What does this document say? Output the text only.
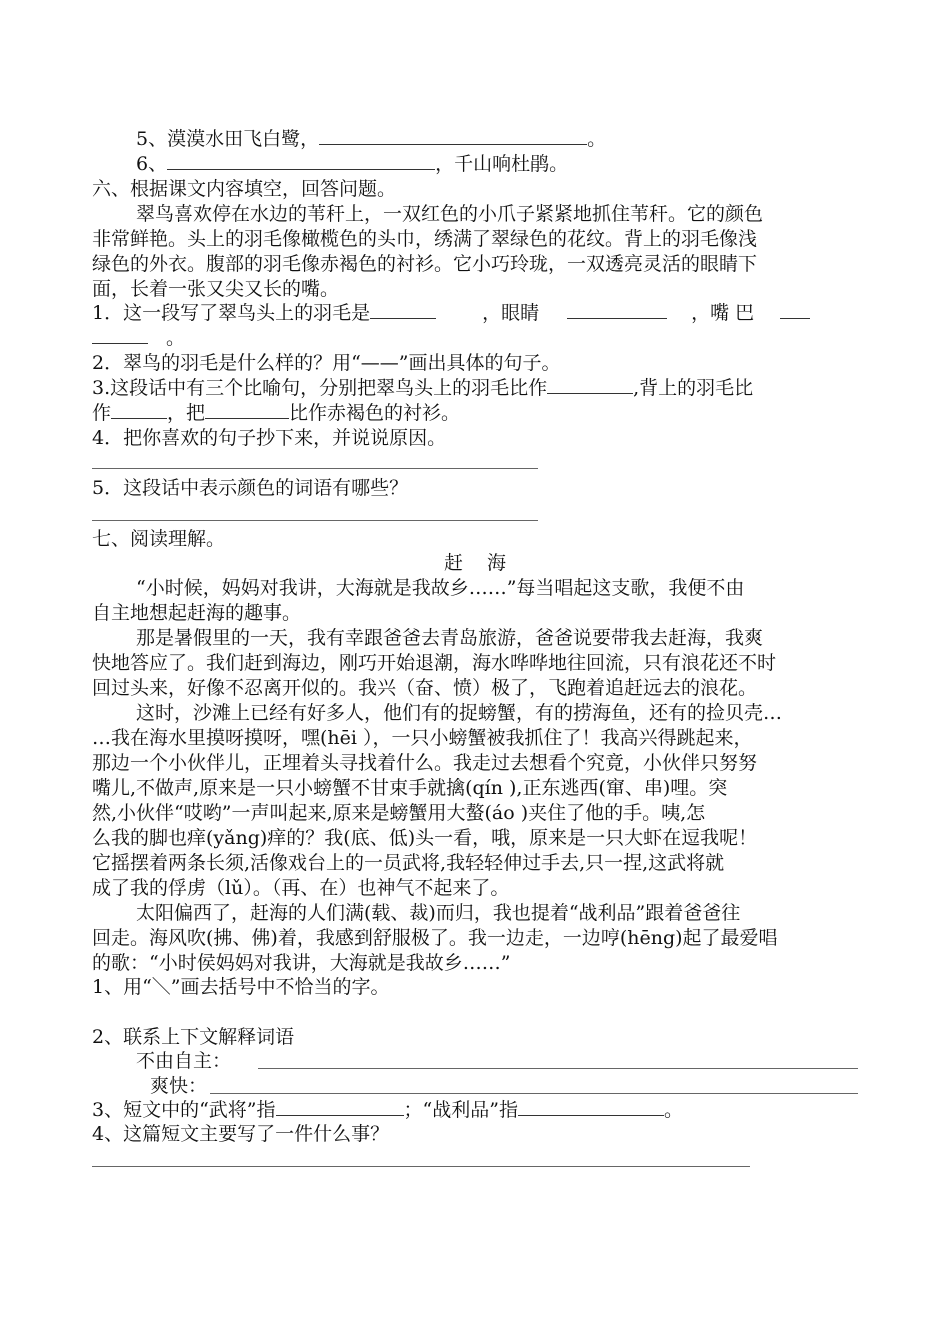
5、漠漠水田飞白鹭，	。
6、	，千山响杜鹃。
六、根据课文内容填空，回答问题。
翠鸟喜欢停在水边的苇秆上，一双红色的小爪子紧紧地抓住苇秆。它的颜色
非常鲜艳。头上的羽毛像橄榄色的头巾，绣满了翠绿色的花纹。背上的羽毛像浅
绿色的外衣。腹部的羽毛像赤褐色的衬衫。它小巧玲珑，一双透亮灵活的眼睛下
面，长着一张又尖又长的嘴。
1．这一段写了翠鸟头上的羽毛是	，眼睛	，嘴 巴
。
2．翠鸟的羽毛是什么样的？用“——”画出具体的句子。
3.这段话中有三个比喻句，分别把翠鸟头上的羽毛比作	,背上的羽毛比
作	，把	比作赤褐色的衬衫。
4．把你喜欢的句子抄下来，并说说原因。
5．这段话中表示颜色的词语有哪些？
七、阅读理解。
赶海
“小时候，妈妈对我讲，大海就是我故乡……”每当唱起这支歌，我便不由
自主地想起赶海的趣事。
那是暑假里的一天，我有幸跟爸爸去青岛旅游，爸爸说要带我去赶海，我爽
快地答应了。我们赶到海边，刚巧开始退潮，海水哗哗地往回流，只有浪花还不时
回过头来，好像不忍离开似的。我兴（奋、愤）极了，飞跑着追赶远去的浪花。
这时，沙滩上已经有好多人，他们有的捉螃蟹，有的捞海鱼，还有的捡贝壳…
…我在海水里摸呀摸呀，嘿(hēi ），一只小螃蟹被我抓住了！我高兴得跳起来，
那边一个小伙伴儿，正埋着头寻找着什么。我走过去想看个究竟，小伙伴只努努
嘴儿,不做声,原来是一只小螃蟹不甘束手就擒(qín ),正东逃西(窜、串)哩。突
然,小伙伴“哎哟”一声叫起来,原来是螃蟹用大螯(áo )夹住了他的手。咦,怎
么我的脚也痒(yǎng)痒的？我(底、低)头一看，哦，原来是一只大虾在逗我呢！
它摇摆着两条长须,活像戏台上的一员武将,我轻轻伸过手去,只一捏,这武将就
成了我的俘虏（lǔ）。（再、在）也神气不起来了。
太阳偏西了，赶海的人们满(载、裁)而归，我也提着“战利品”跟着爸爸往
回走。海风吹(拂、佛)着，我感到舒服极了。我一边走，一边哼(hēng)起了最爱唱
的歌：“小时侯妈妈对我讲，大海就是我故乡……”
1、用“＼”画去括号中不恰当的字。
2、联系上下文解释词语
不由自主：
爽快：
3、短文中的“武将”指	；“战利品”指	。
4、这篇短文主要写了一件什么事？
